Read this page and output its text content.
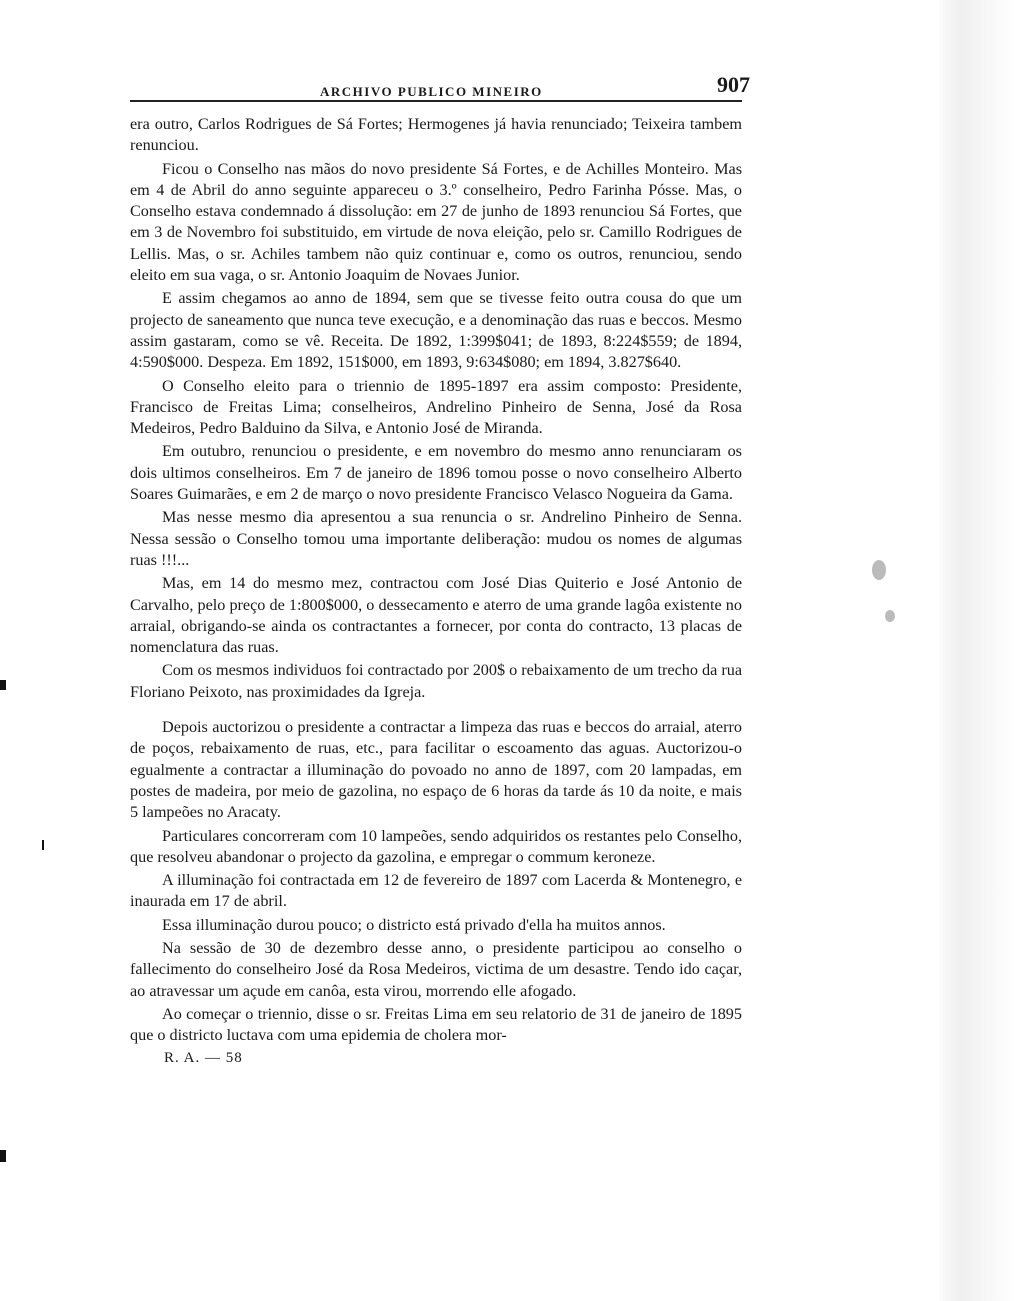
ARCHIVO PUBLICO MINEIRO	907

era outro, Carlos Rodrigues de Sá Fortes; Hermogenes já havia renunciado; Teixeira tambem renunciou.

Ficou o Conselho nas mãos do novo presidente Sá Fortes, e de Achilles Monteiro. Mas em 4 de Abril do anno seguinte appareceu o 3.º conselheiro, Pedro Farinha Pósse. Mas, o Conselho estava condemnado á dissolução: em 27 de junho de 1893 renunciou Sá Fortes, que em 3 de Novembro foi substituido, em virtude de nova eleição, pelo sr. Camillo Rodrigues de Lellis. Mas, o sr. Achiles tambem não quiz continuar e, como os outros, renunciou, sendo eleito em sua vaga, o sr. Antonio Joaquim de Novaes Junior.

E assim chegamos ao anno de 1894, sem que se tivesse feito outra cousa do que um projecto de saneamento que nunca teve execução, e a denominação das ruas e beccos. Mesmo assim gastaram, como se vê. Receita. De 1892, 1:399$041; de 1893, 8:224$559; de 1894, 4:590$000. Despeza. Em 1892, 151$000, em 1893, 9:634$080; em 1894, 3.827$640.

O Conselho eleito para o triennio de 1895-1897 era assim composto: Presidente, Francisco de Freitas Lima; conselheiros, Andrelino Pinheiro de Senna, José da Rosa Medeiros, Pedro Balduino da Silva, e Antonio José de Miranda.

Em outubro, renunciou o presidente, e em novembro do mesmo anno renunciaram os dois ultimos conselheiros. Em 7 de janeiro de 1896 tomou posse o novo conselheiro Alberto Soares Guimarães, e em 2 de março o novo presidente Francisco Velasco Nogueira da Gama.

Mas nesse mesmo dia apresentou a sua renuncia o sr. Andrelino Pinheiro de Senna. Nessa sessão o Conselho tomou uma importante deliberação: mudou os nomes de algumas ruas !!!...

Mas, em 14 do mesmo mez, contractou com José Dias Quiterio e José Antonio de Carvalho, pelo preço de 1:800$000, o dessecamento e aterro de uma grande lagôa existente no arraial, obrigando-se ainda os contractantes a fornecer, por conta do contracto, 13 placas de nomenclatura das ruas.

Com os mesmos individuos foi contractado por 200$ o rebaixamento de um trecho da rua Floriano Peixoto, nas proximidades da Igreja.

Depois auctorizou o presidente a contractar a limpeza das ruas e beccos do arraial, aterro de poços, rebaixamento de ruas, etc., para facilitar o escoamento das aguas. Auctorizou-o egualmente a contractar a illuminação do povoado no anno de 1897, com 20 lampadas, em postes de madeira, por meio de gazolina, no espaço de 6 horas da tarde ás 10 da noite, e mais 5 lampeões no Aracaty.

Particulares concorreram com 10 lampeões, sendo adquiridos os restantes pelo Conselho, que resolveu abandonar o projecto da gazolina, e empregar o commum keroneze.

A illuminação foi contractada em 12 de fevereiro de 1897 com Lacerda & Montenegro, e inaurada em 17 de abril.

Essa illuminação durou pouco; o districto está privado d'ella ha muitos annos.

Na sessão de 30 de dezembro desse anno, o presidente participou ao conselho o fallecimento do conselheiro José da Rosa Medeiros, victima de um desastre. Tendo ido caçar, ao atravessar um açude em canôa, esta virou, morrendo elle afogado.

Ao começar o triennio, disse o sr. Freitas Lima em seu relatorio de 31 de janeiro de 1895 que o districto luctava com uma epidemia de cholera mor-

R. A. — 58
